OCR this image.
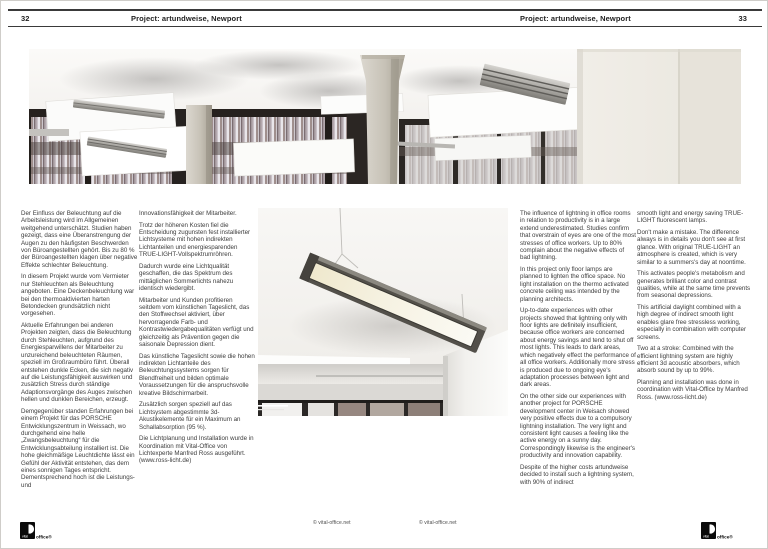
32	Project: artundweise, Newport	Project: artundweise, Newport	33

Der Einfluss der Beleuchtung auf die Arbeitsleistung wird im Allgemeinen weitgehend unterschätzt. Studien haben gezeigt, dass eine Überanstrengung der Augen zu den häufigsten Beschwerden von Büroangestellten gehört. Bis zu 80 % der Büroangestellten klagen über negative Effekte schlechter Beleuchtung.

In diesem Projekt wurde vom Vermieter nur Stehleuchten als Beleuchtung angeboten. Eine Deckenbeleuchtung war bei den thermoaktivierten harten Betondecken grundsätzlich nicht vorgesehen.

Aktuelle Erfahrungen bei anderen Projekten zeigten, dass die Beleuchtung durch Stehleuchten, aufgrund des Energiesparwillens der Mitarbeiter zu unzureichend beleuchteten Räumen, speziell im Großraumbüro führt. Überall entstehen dunkle Ecken, die sich negativ auf die Leistungsfähigkeit auswirken und zusätzlich Stress durch ständige Adaptionsvorgänge des Auges zwischen hellen und dunklen Bereichen, erzeugt.

Demgegenüber standen Erfahrungen bei einem Projekt für das PORSCHE Entwicklungszentrum in Weissach, wo durchgehend eine helle „Zwangsbeleuchtung“ für die Entwicklungsabteilung installiert ist. Die hohe gleichmäßige Leuchtdichte lässt ein Gefühl der Aktivität entstehen, das dem eines sonnigen Tages entspricht. Dementsprechend hoch ist die Leistungs- und

Innovationsfähigkeit der Mitarbeiter.

Trotz der höheren Kosten fiel die Entscheidung zugunsten fest installierter Lichtsysteme mit hohen indirekten Lichtanteilen und energiesparenden TRUE-LIGHT-Vollspektrumröhren.

Dadurch wurde eine Lichtqualität geschaffen, die das Spektrum des mittäglichen Sommerlichts nahezu identisch wiedergibt.

Mitarbeiter und Kunden profitieren seitdem vom künstlichen Tageslicht, das den Stoffwechsel aktiviert, über hervorragende Farb- und Kontrastwiedergabequalitäten verfügt und gleichzeitig als Prävention gegen die saisonale Depression dient.

Das künstliche Tageslicht sowie die hohen indirekten Lichtanteile des Beleuchtungssystems sorgen für Blendfreiheit und bilden optimale Voraussetzungen für die anspruchsvolle kreative Bildschirmarbeit.

Zusätzlich sorgen speziell auf das Lichtsystem abgestimmte 3d-Akustikelemente für ein Maximum an Schallabsorption (95 %).

Die Lichtplanung und Installation wurde in Koordination mit Vital-Office von Lichtexperte Manfred Ross ausgeführt. (www.ross-licht.de)

The influence of lightning in office rooms in relation to productivity is in a large extend underestimated. Studies confirm that overstrain of eyes are one of the most stresses of office workers. Up to 80% complain about the negative effects of bad lightning.

In this project only floor lamps are planned to lighten the office space. No light installation on the thermo activated concrete ceiling was intended by the planning architects.

Up-to-date experiences with other projects showed that lightning only with floor lights are definitely insufficient, because office workers are concerned about energy savings and tend to shut off most lights. This leads to dark areas, which negatively effect the performance of all office workers. Additionally more stress is produced due to ongoing eye's adaptation processes between light and dark areas.

On the other side our experiences with another project for PORSCHE development center in Weisach showed very positive effects due to a compulsory lightning installation. The very light and consistent light causes a feeling like the active energy on a sunny day. Correspondingly likewise is the engineer's productivity and innovation capability.

Despite of the higher costs artundweise decided to install such a lightning system, with 90% of indirect

smooth light and energy saving TRUE-LIGHT fluorescent lamps.

Don't make a mistake. The difference always is in details you don't see at first glance. With original TRUE-LIGHT an atmosphere is created, which is very similar to a summers's day at noontime.

This activates people's metabolism and generates brilliant color and contrast qualities, while at the same time prevents from seasonal depressions.

This artificial daylight combined with a high degree of indirect smooth light enables glare free stressless working, especially in combination with computer screens.

Two at a stroke: Combined with the efficient lightning system are highly efficient 3d acoustic absorbers, which absorb sound by up to 99%.

Planning and installation was done in coordination with Vital-Office by Manfred Ross. (www.ross-licht.de)

© vital-office.net	© vital-office.net
vital office®	vital office®
